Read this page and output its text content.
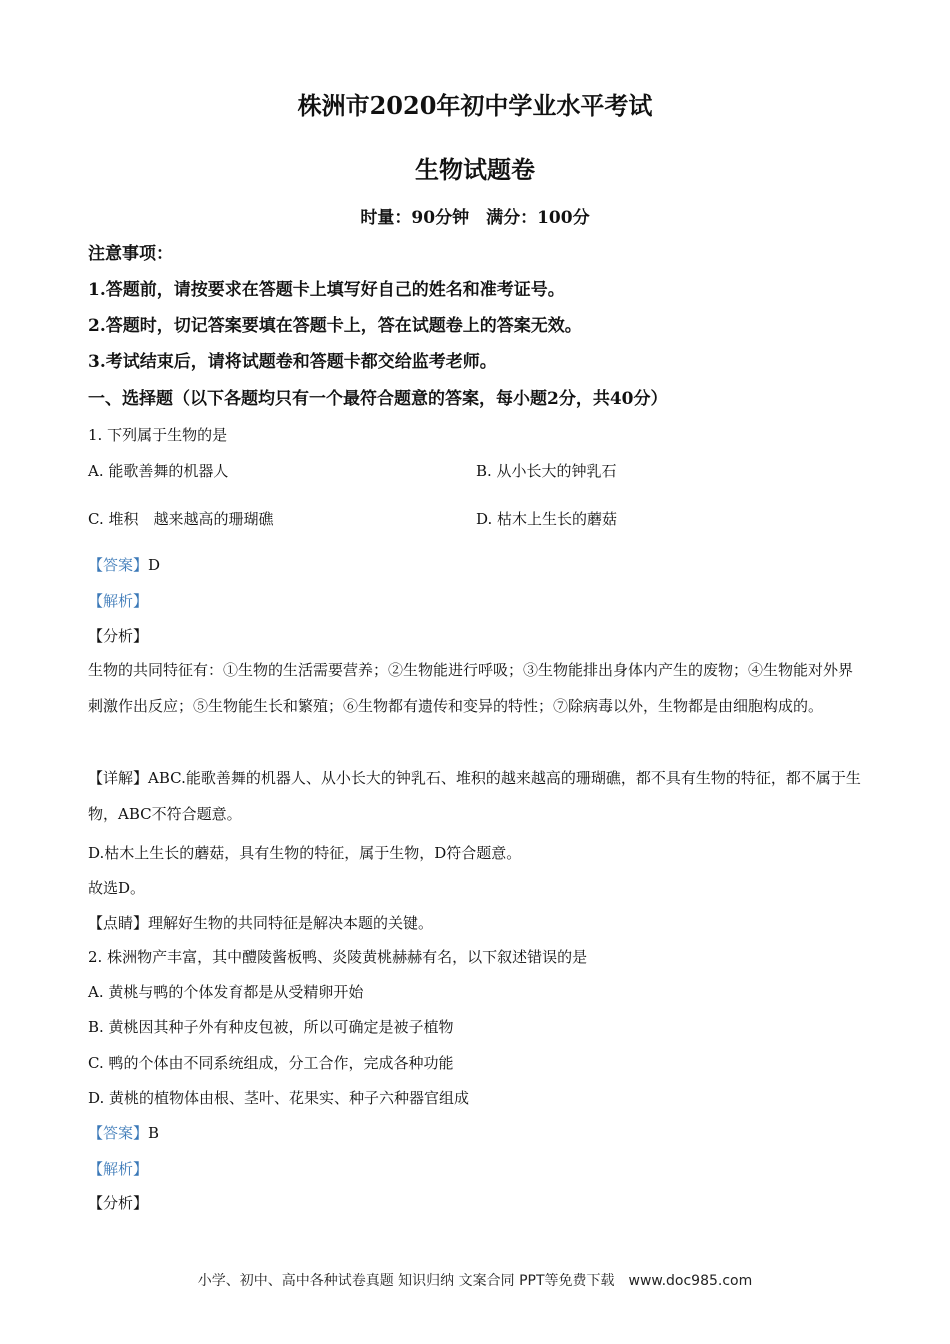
株洲市2020年初中学业水平考试
生物试题卷
时量：90分钟　满分：100分
注意事项：
1.答题前，请按要求在答题卡上填写好自己的姓名和准考证号。
2.答题时，切记答案要填在答题卡上，答在试题卷上的答案无效。
3.考试结束后，请将试题卷和答题卡都交给监考老师。
一、选择题（以下各题均只有一个最符合题意的答案，每小题2分，共40分）
1. 下列属于生物的是
A. 能歌善舞的机器人	B. 从小长大的钟乳石
C. 堆积　越来越高的珊瑚礁	D. 枯木上生长的蘑菇
【答案】D
【解析】
【分析】
生物的共同特征有：①生物的生活需要营养；②生物能进行呼吸；③生物能排出身体内产生的废物；④生物能对外界刺激作出反应；⑤生物能生长和繁殖；⑥生物都有遗传和变异的特性；⑦除病毒以外，生物都是由细胞构成的。
【详解】ABC.能歌善舞的机器人、从小长大的钟乳石、堆积的越来越高的珊瑚礁，都不具有生物的特征，都不属于生物，ABC不符合题意。
D.枯木上生长的蘑菇，具有生物的特征，属于生物，D符合题意。
故选D。
【点睛】理解好生物的共同特征是解决本题的关键。
2. 株洲物产丰富，其中醴陵酱板鸭、炎陵黄桃赫赫有名，以下叙述错误的是
A. 黄桃与鸭的个体发育都是从受精卵开始
B. 黄桃因其种子外有种皮包被，所以可确定是被子植物
C. 鸭的个体由不同系统组成，分工合作，完成各种功能
D. 黄桃的植物体由根、茎叶、花果实、种子六种器官组成
【答案】B
【解析】
【分析】
小学、初中、高中各种试卷真题 知识归纳 文案合同 PPT等免费下载　www.doc985.com
